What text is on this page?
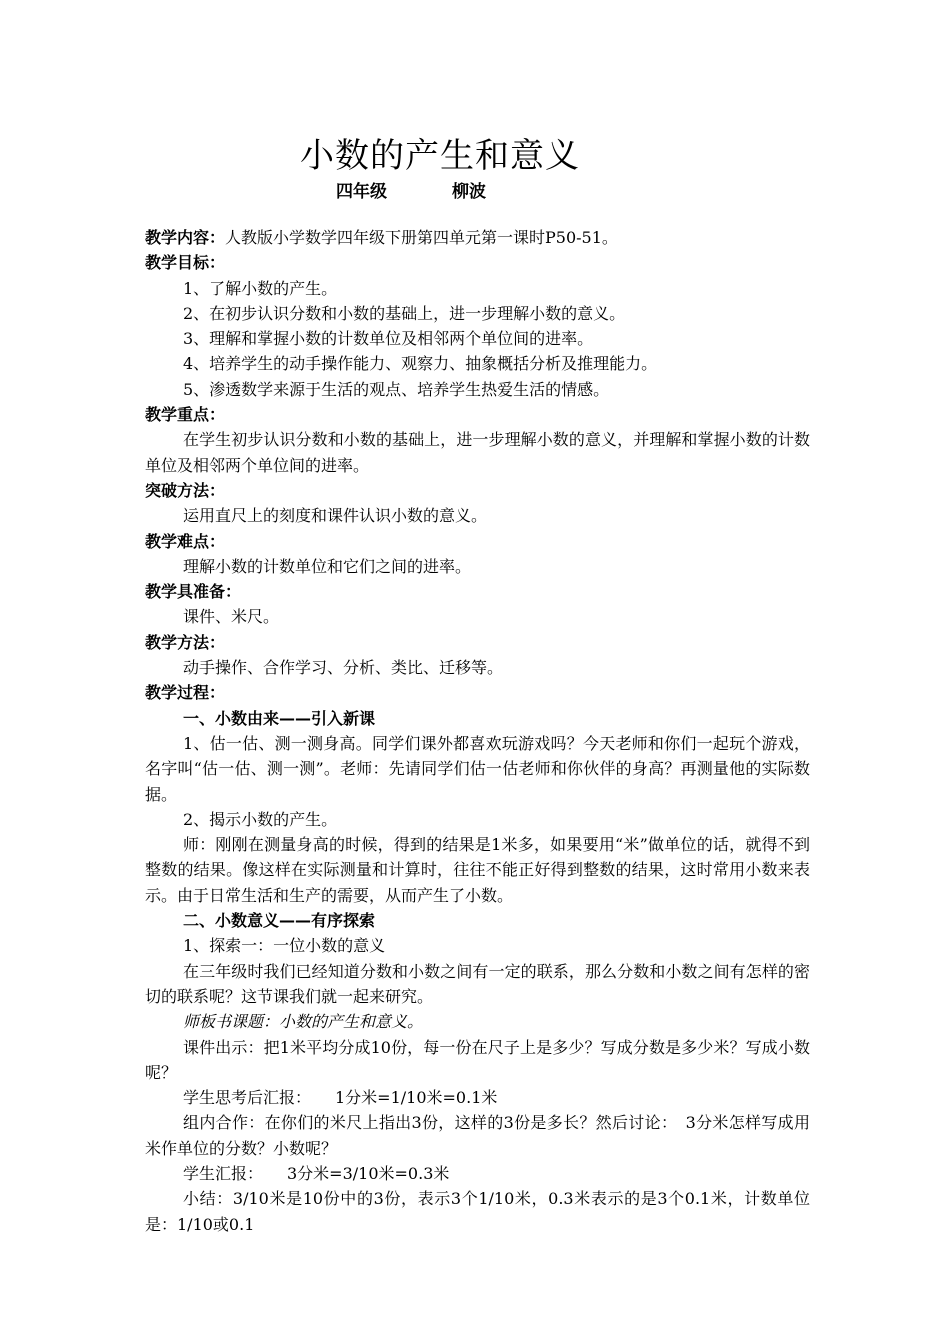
小数的产生和意义
四年级	柳波

教学内容：人教版小学数学四年级下册第四单元第一课时P50-51。

教学目标：

1、了解小数的产生。

2、在初步认识分数和小数的基础上，进一步理解小数的意义。

3、理解和掌握小数的计数单位及相邻两个单位间的进率。

4、培养学生的动手操作能力、观察力、抽象概括分析及推理能力。

5、渗透数学来源于生活的观点、培养学生热爱生活的情感。

教学重点：

在学生初步认识分数和小数的基础上，进一步理解小数的意义，并理解和掌握小数的计数单位及相邻两个单位间的进率。

突破方法：

运用直尺上的刻度和课件认识小数的意义。

教学难点：

理解小数的计数单位和它们之间的进率。

教学具准备：

课件、米尺。

教学方法：

动手操作、合作学习、分析、类比、迁移等。

教学过程：

一、小数由来——引入新课

1、估一估、测一测身高。同学们课外都喜欢玩游戏吗？今天老师和你们一起玩个游戏，名字叫“估一估、测一测”。老师：先请同学们估一估老师和你伙伴的身高？再测量他的实际数据。

2、揭示小数的产生。

师：刚刚在测量身高的时候，得到的结果是1米多，如果要用“米”做单位的话，就得不到整数的结果。像这样在实际测量和计算时，往往不能正好得到整数的结果，这时常用小数来表示。由于日常生活和生产的需要，从而产生了小数。

二、小数意义——有序探索

1、探索一：一位小数的意义

在三年级时我们已经知道分数和小数之间有一定的联系，那么分数和小数之间有怎样的密切的联系呢？这节课我们就一起来研究。

师板书课题：小数的产生和意义。

课件出示：把1米平均分成10份，每一份在尺子上是多少？写成分数是多少米？写成小数呢？

学生思考后汇报：　　1分米=1/10米=0.1米

组内合作：在你们的米尺上指出3份，这样的3份是多长？然后讨论：　3分米怎样写成用米作单位的分数？小数呢？

学生汇报：　　3分米=3/10米=0.3米

小结：3/10米是10份中的3份，表示3个1/10米，0.3米表示的是3个0.1米，计数单位是：1/10或0.1
